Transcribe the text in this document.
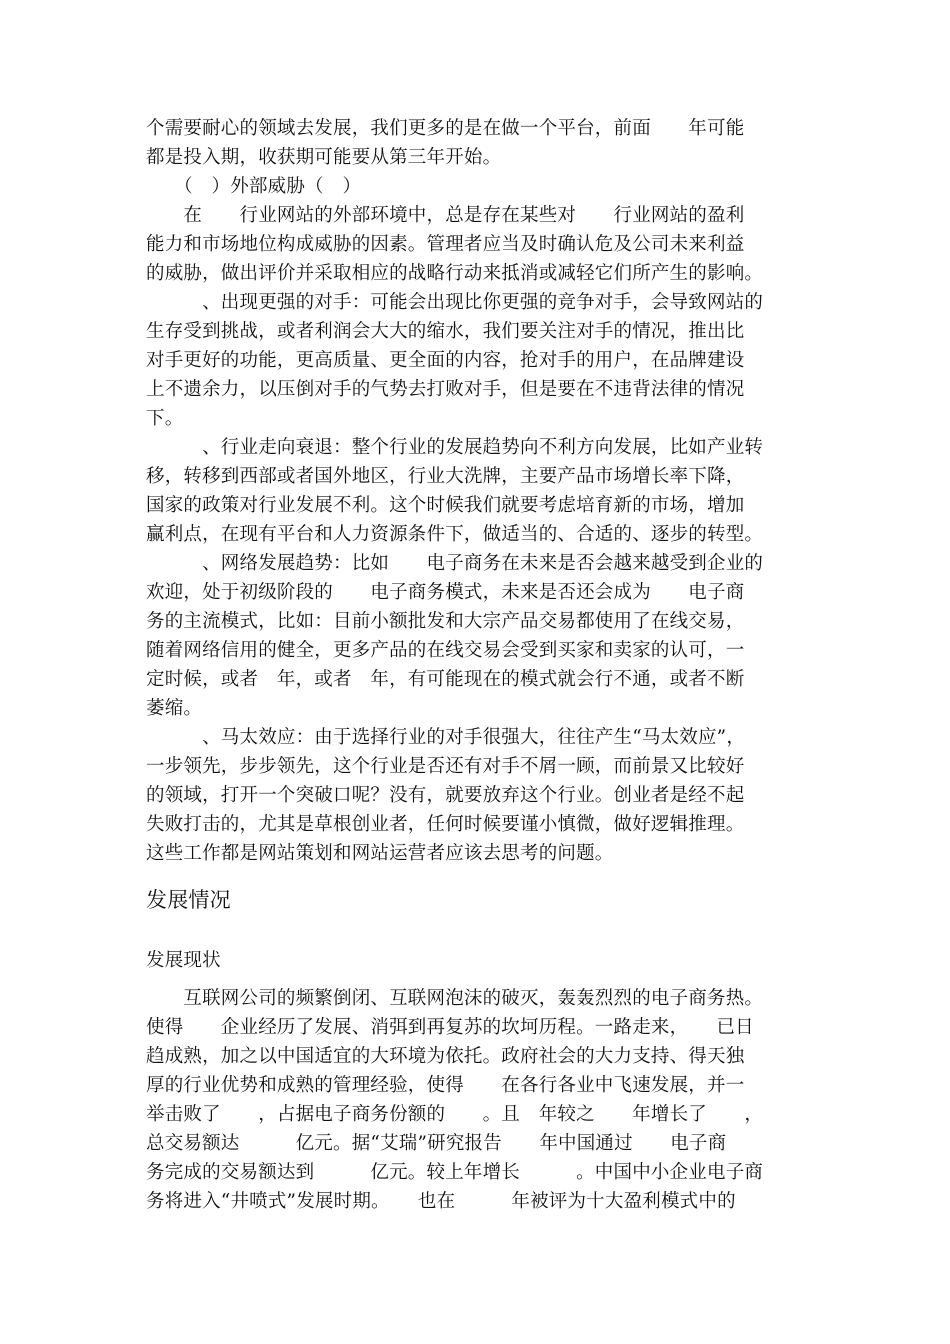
个需要耐心的领域去发展，我们更多的是在做一个平台，前面　　年可能
都是投入期，收获期可能要从第三年开始。
　　（　）外部威胁（　）
　　在　　行业网站的外部环境中，总是存在某些对　　行业网站的盈利
能力和市场地位构成威胁的因素。管理者应当及时确认危及公司未来利益
的威胁，做出评价并采取相应的战略行动来抵消或减轻它们所产生的影响。
　　　、出现更强的对手：可能会出现比你更强的竞争对手，会导致网站的
生存受到挑战，或者利润会大大的缩水，我们要关注对手的情况，推出比
对手更好的功能，更高质量、更全面的内容，抢对手的用户，在品牌建设
上不遗余力，以压倒对手的气势去打败对手，但是要在不违背法律的情况
下。
　　　、行业走向衰退：整个行业的发展趋势向不利方向发展，比如产业转
移，转移到西部或者国外地区，行业大洗牌，主要产品市场增长率下降，
国家的政策对行业发展不利。这个时候我们就要考虑培育新的市场，增加
赢利点，在现有平台和人力资源条件下，做适当的、合适的、逐步的转型。
　　　、网络发展趋势：比如　　电子商务在未来是否会越来越受到企业的
欢迎，处于初级阶段的　　电子商务模式，未来是否还会成为　　电子商
务的主流模式，比如：目前小额批发和大宗产品交易都使用了在线交易，
随着网络信用的健全，更多产品的在线交易会受到买家和卖家的认可，一
定时候，或者　年，或者　年，有可能现在的模式就会行不通，或者不断
萎缩。
　　　、马太效应：由于选择行业的对手很强大，往往产生“马太效应”，
一步领先，步步领先，这个行业是否还有对手不屑一顾，而前景又比较好
的领域，打开一个突破口呢？没有，就要放弃这个行业。创业者是经不起
失败打击的，尤其是草根创业者，任何时候要谨小慎微，做好逻辑推理。
这些工作都是网站策划和网站运营者应该去思考的问题。
发展情况
发展现状
　　互联网公司的频繁倒闭、互联网泡沫的破灭，轰轰烈烈的电子商务热。
使得　　企业经历了发展、消弭到再复苏的坎坷历程。一路走来，　　已日
趋成熟，加之以中国适宜的大环境为依托。政府社会的大力支持、得天独
厚的行业优势和成熟的管理经验，使得　　在各行各业中飞速发展，并一
举击败了　　，占据电子商务份额的　　。且　年较之　　年增长了　　，
总交易额达　　　亿元。据“艾瑞”研究报告　　年中国通过　　电子商
务完成的交易额达到　　　亿元。较上年增长　　　。中国中小企业电子商
务将进入“井喷式”发展时期。　　也在　　　年被评为十大盈利模式中的
